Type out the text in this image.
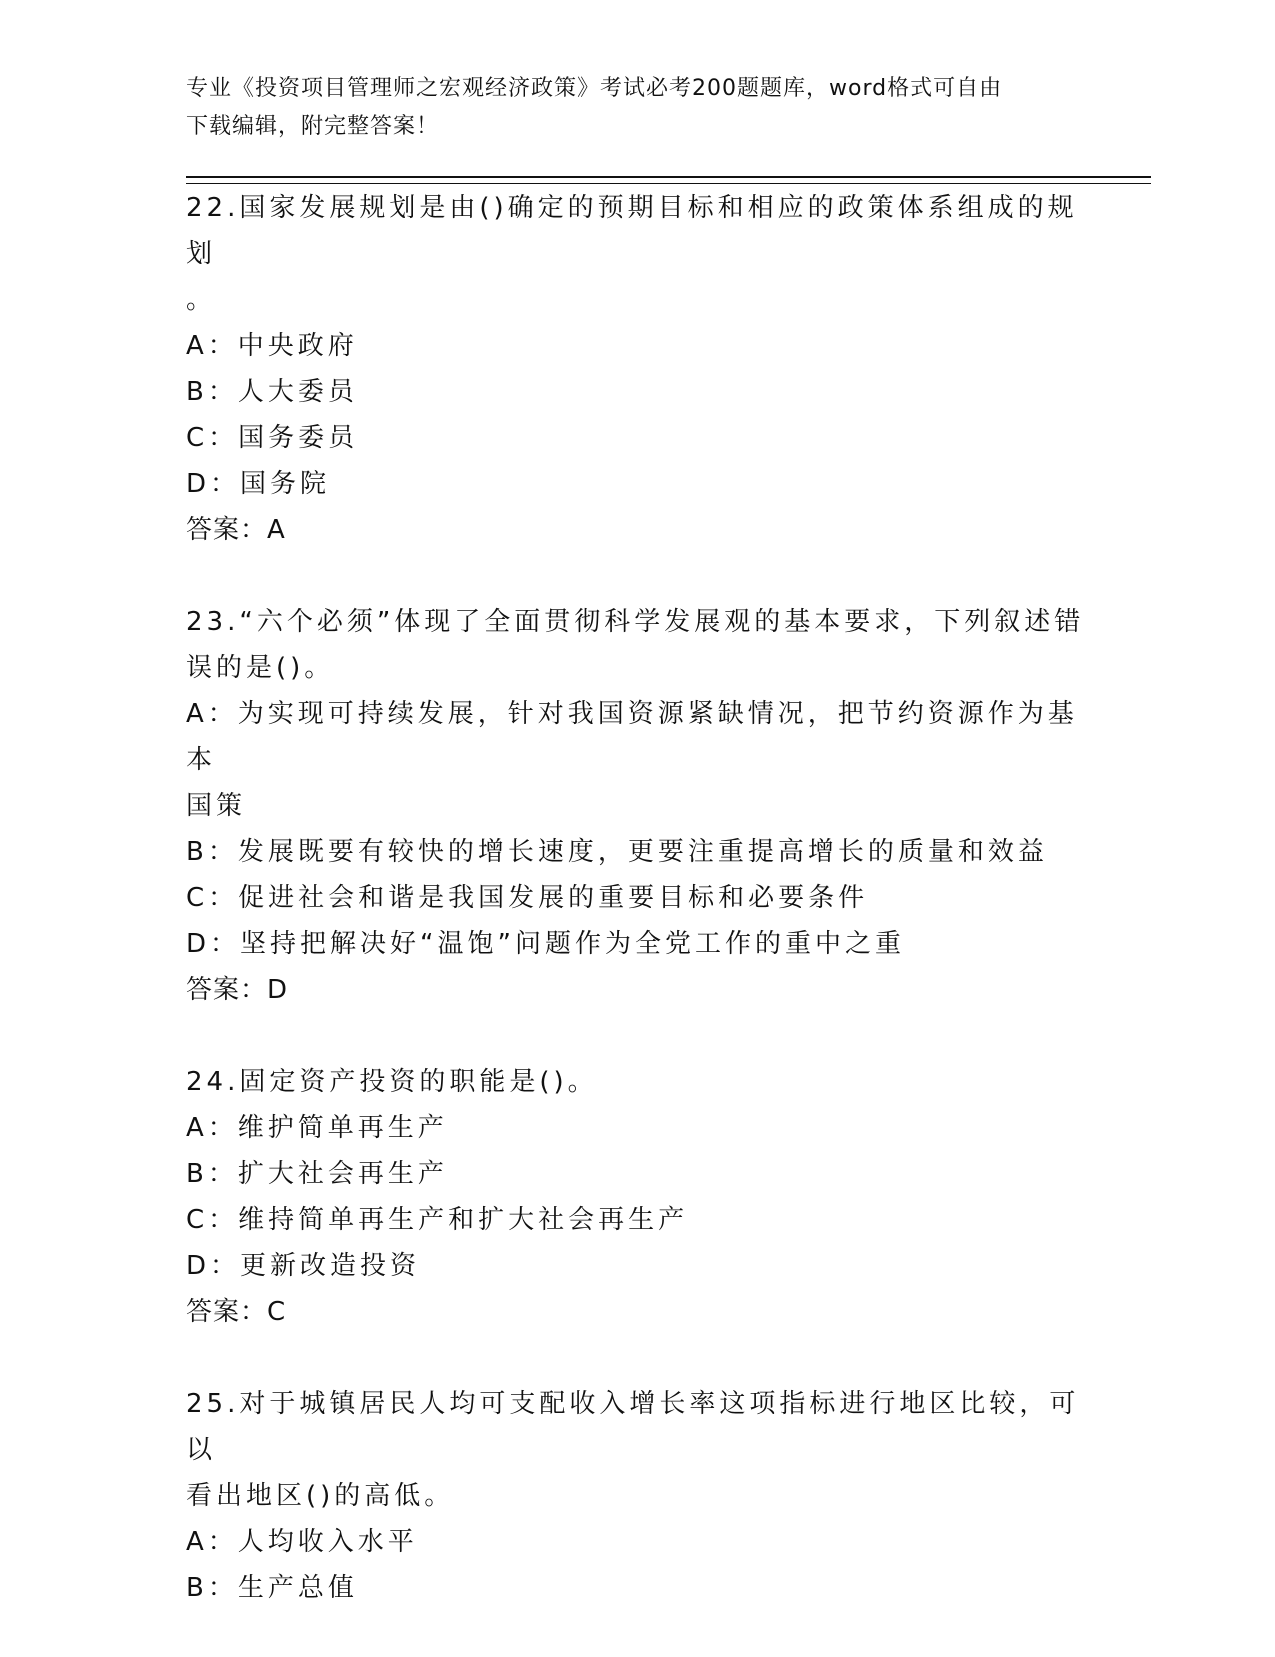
专业《投资项目管理师之宏观经济政策》考试必考200题题库，word格式可自由
下载编辑，附完整答案！
22.国家发展规划是由()确定的预期目标和相应的政策体系组成的规划
。
A：中央政府
B：人大委员
C：国务委员
D：国务院
答案：A
23.“六个必须”体现了全面贯彻科学发展观的基本要求，下列叙述错
误的是()。
A：为实现可持续发展，针对我国资源紧缺情况，把节约资源作为基本
国策
B：发展既要有较快的增长速度，更要注重提高增长的质量和效益
C：促进社会和谐是我国发展的重要目标和必要条件
D：坚持把解决好“温饱”问题作为全党工作的重中之重
答案：D
24.固定资产投资的职能是()。
A：维护简单再生产
B：扩大社会再生产
C：维持简单再生产和扩大社会再生产
D：更新改造投资
答案：C
25.对于城镇居民人均可支配收入增长率这项指标进行地区比较，可以
看出地区()的高低。
A：人均收入水平
B：生产总值
